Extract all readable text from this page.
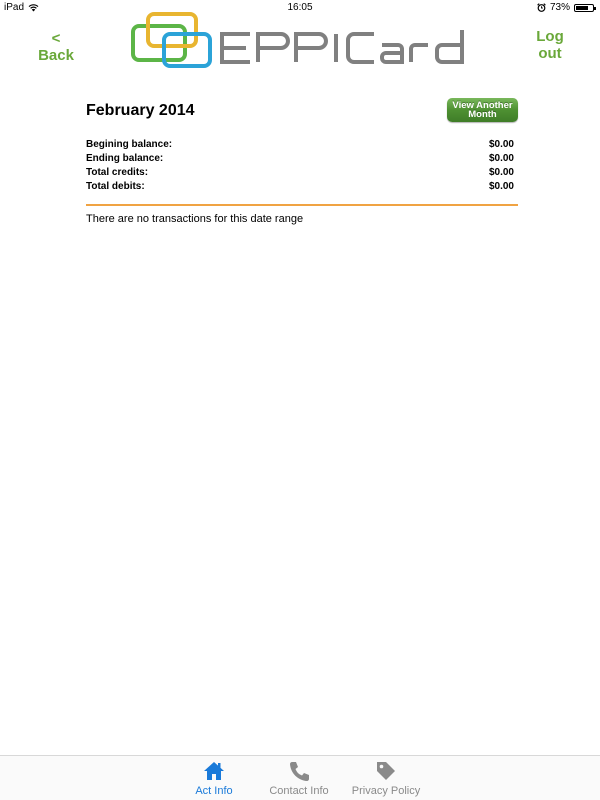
iPad	16:05	73%
<
Back
Log
out
February 2014	View Another
Month
Begining balance:	$0.00
Ending balance:	$0.00
Total credits:	$0.00
Total debits:	$0.00
There are no transactions for this date range
Act Info	Contact Info	Privacy Policy
